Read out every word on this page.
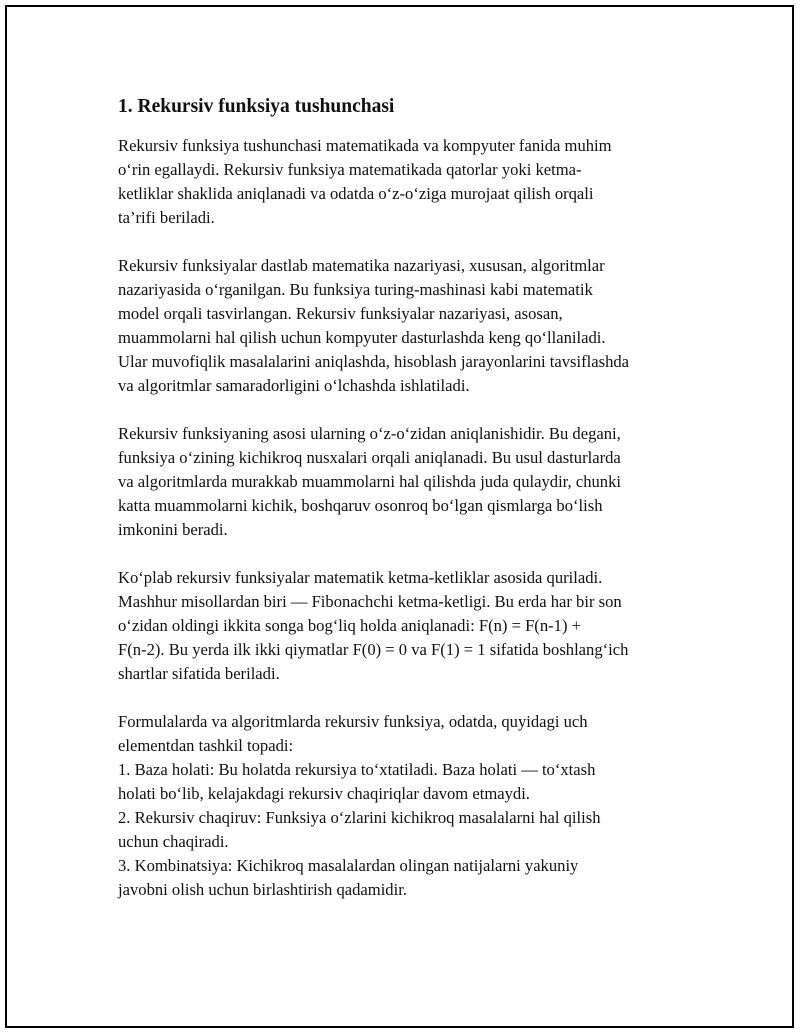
1. Rekursiv funksiya tushunchasi

Rekursiv funksiya tushunchasi matematikada va kompyuter fanida muhim
o‘rin egallaydi. Rekursiv funksiya matematikada qatorlar yoki ketma-
ketliklar shaklida aniqlanadi va odatda o‘z-o‘ziga murojaat qilish orqali
ta’rifi beriladi.

Rekursiv funksiyalar dastlab matematika nazariyasi, xususan, algoritmlar
nazariyasida o‘rganilgan. Bu funksiya turing-mashinasi kabi matematik
model orqali tasvirlangan. Rekursiv funksiyalar nazariyasi, asosan,
muammolarni hal qilish uchun kompyuter dasturlashda keng qo‘llaniladi.
Ular muvofiqlik masalalarini aniqlashda, hisoblash jarayonlarini tavsiflashda
va algoritmlar samaradorligini o‘lchashda ishlatiladi.

Rekursiv funksiyaning asosi ularning o‘z-o‘zidan aniqlanishidir. Bu degani,
funksiya o‘zining kichikroq nusxalari orqali aniqlanadi. Bu usul dasturlarda
va algoritmlarda murakkab muammolarni hal qilishda juda qulaydir, chunki
katta muammolarni kichik, boshqaruv osonroq bo‘lgan qismlarga bo‘lish
imkonini beradi.

Ko‘plab rekursiv funksiyalar matematik ketma-ketliklar asosida quriladi.
Mashhur misollardan biri — Fibonachchi ketma-ketligi. Bu erda har bir son
o‘zidan oldingi ikkita songa bog‘liq holda aniqlanadi: F(n) = F(n-1) +
F(n-2). Bu yerda ilk ikki qiymatlar F(0) = 0 va F(1) = 1 sifatida boshlang‘ich
shartlar sifatida beriladi.

Formulalarda va algoritmlarda rekursiv funksiya, odatda, quyidagi uch
elementdan tashkil topadi:
1. Baza holati: Bu holatda rekursiya to‘xtatiladi. Baza holati — to‘xtash
holati bo‘lib, kelajakdagi rekursiv chaqiriqlar davom etmaydi.
2. Rekursiv chaqiruv: Funksiya o‘zlarini kichikroq masalalarni hal qilish
uchun chaqiradi.
3. Kombinatsiya: Kichikroq masalalardan olingan natijalarni yakuniy
javobni olish uchun birlashtirish qadamidir.
